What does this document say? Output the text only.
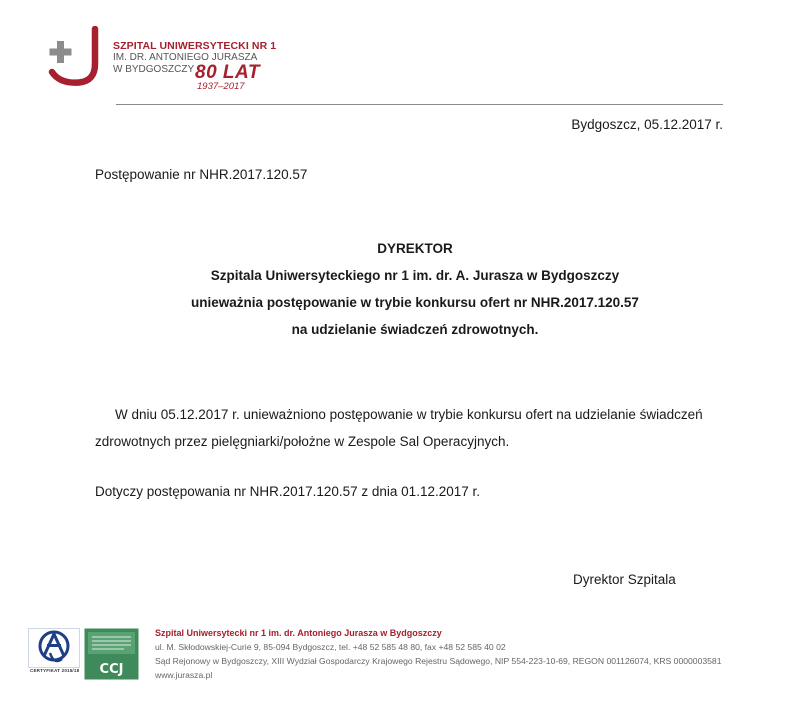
SZPITAL UNIWERSYTECKI NR 1
IM. DR. ANTONIEGO JURASZA
W BYDGOSZCZY 80 LAT
1937–2017
Bydgoszcz, 05.12.2017 r.
Postępowanie nr NHR.2017.120.57
DYREKTOR
Szpitala Uniwersyteckiego nr 1 im. dr. A. Jurasza w Bydgoszczy
unieważnia postępowanie w trybie konkursu ofert nr NHR.2017.120.57
na udzielanie świadczeń zdrowotnych.
W dniu 05.12.2017 r. unieważniono postępowanie w trybie konkursu ofert na udzielanie świadczeń
zdrowotnych przez pielęgniarki/położne w Zespole Sal Operacyjnych.
Dotyczy postępowania nr NHR.2017.120.57 z dnia 01.12.2017 r.
Dyrektor Szpitala
CERTYFIKAT 2015/18 CCJ
Szpital Uniwersytecki nr 1 im. dr. Antoniego Jurasza w Bydgoszczy
ul. M. Skłodowskiej-Curie 9, 85-094 Bydgoszcz, tel. +48 52 585 48 80, fax +48 52 585 40 02
Sąd Rejonowy w Bydgoszczy, XIII Wydział Gospodarczy Krajowego Rejestru Sądowego, NIP 554-223-10-69, REGON 001126074, KRS 0000003581
www.jurasza.pl
